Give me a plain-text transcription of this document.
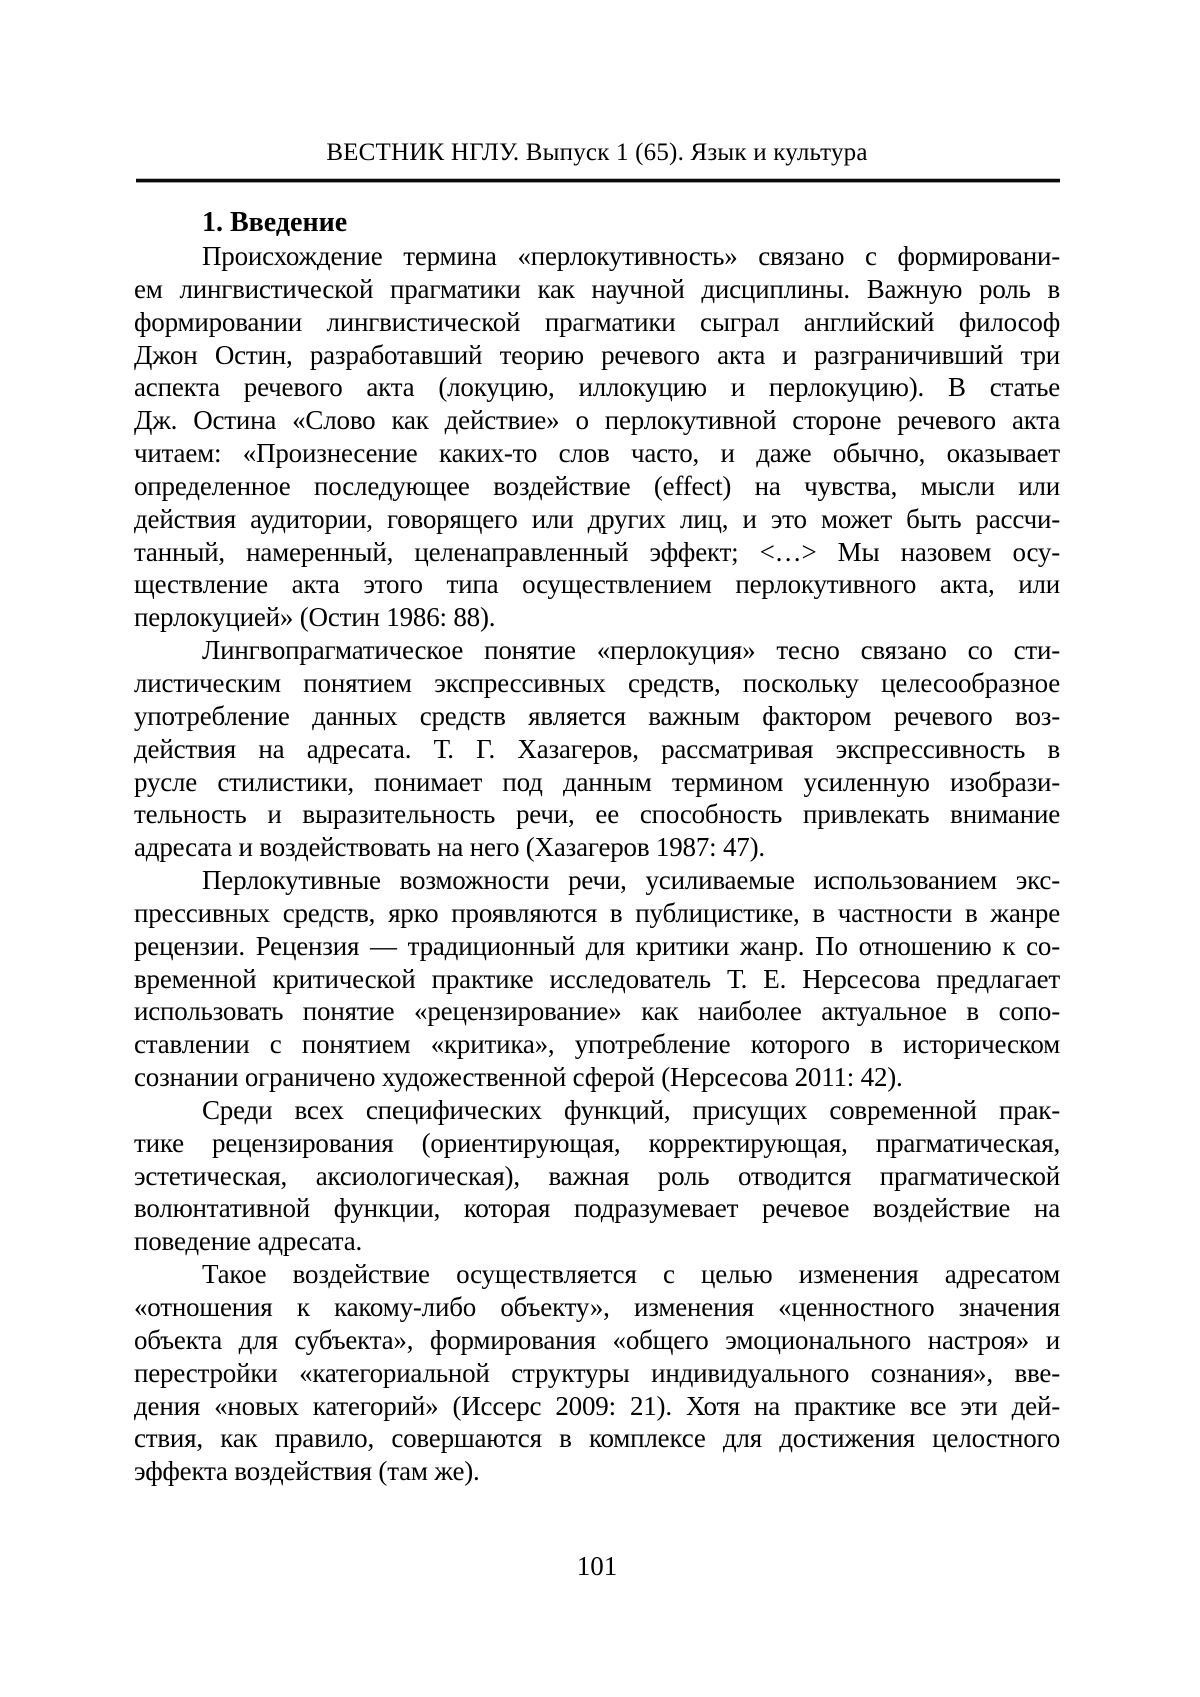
ВЕСТНИК НГЛУ. Выпуск 1 (65). Язык и культура
1. Введение
Происхождение термина «перлокутивность» связано с формировани-
ем лингвистической прагматики как научной дисциплины. Важную роль в
формировании лингвистической прагматики сыграл английский философ
Джон Остин, разработавший теорию речевого акта и разграничивший три
аспекта речевого акта (локуцию, иллокуцию и перлокуцию). В статье
Дж. Остина «Слово как действие» о перлокутивной стороне речевого акта
читаем: «Произнесение каких-то слов часто, и даже обычно, оказывает
определенное последующее воздействие (effect) на чувства, мысли или
действия аудитории, говорящего или других лиц, и это может быть рассчи-
танный, намеренный, целенаправленный эффект; <…> Мы назовем осу-
ществление акта этого типа осуществлением перлокутивного акта, или
перлокуцией» (Остин 1986: 88).
Лингвопрагматическое понятие «перлокуция» тесно связано со сти-
листическим понятием экспрессивных средств, поскольку целесообразное
употребление данных средств является важным фактором речевого воз-
действия на адресата. Т. Г. Хазагеров, рассматривая экспрессивность в
русле стилистики, понимает под данным термином усиленную изобрази-
тельность и выразительность речи, ее способность привлекать внимание
адресата и воздействовать на него (Хазагеров 1987: 47).
Перлокутивные возможности речи, усиливаемые использованием экс-
прессивных средств, ярко проявляются в публицистике, в частности в жанре
рецензии. Рецензия — традиционный для критики жанр. По отношению к со-
временной критической практике исследователь Т. Е. Нерсесова предлагает
использовать понятие «рецензирование» как наиболее актуальное в сопо-
ставлении с понятием «критика», употребление которого в историческом
сознании ограничено художественной сферой (Нерсесова 2011: 42).
Среди всех специфических функций, присущих современной прак-
тике рецензирования (ориентирующая, корректирующая, прагматическая,
эстетическая, аксиологическая), важная роль отводится прагматической
волюнтативной функции, которая подразумевает речевое воздействие на
поведение адресата.
Такое воздействие осуществляется с целью изменения адресатом
«отношения к какому-либо объекту», изменения «ценностного значения
объекта для субъекта», формирования «общего эмоционального настроя» и
перестройки «категориальной структуры индивидуального сознания», вве-
дения «новых категорий» (Иссерс 2009: 21). Хотя на практике все эти дей-
ствия, как правило, совершаются в комплексе для достижения целостного
эффекта воздействия (там же).
101
